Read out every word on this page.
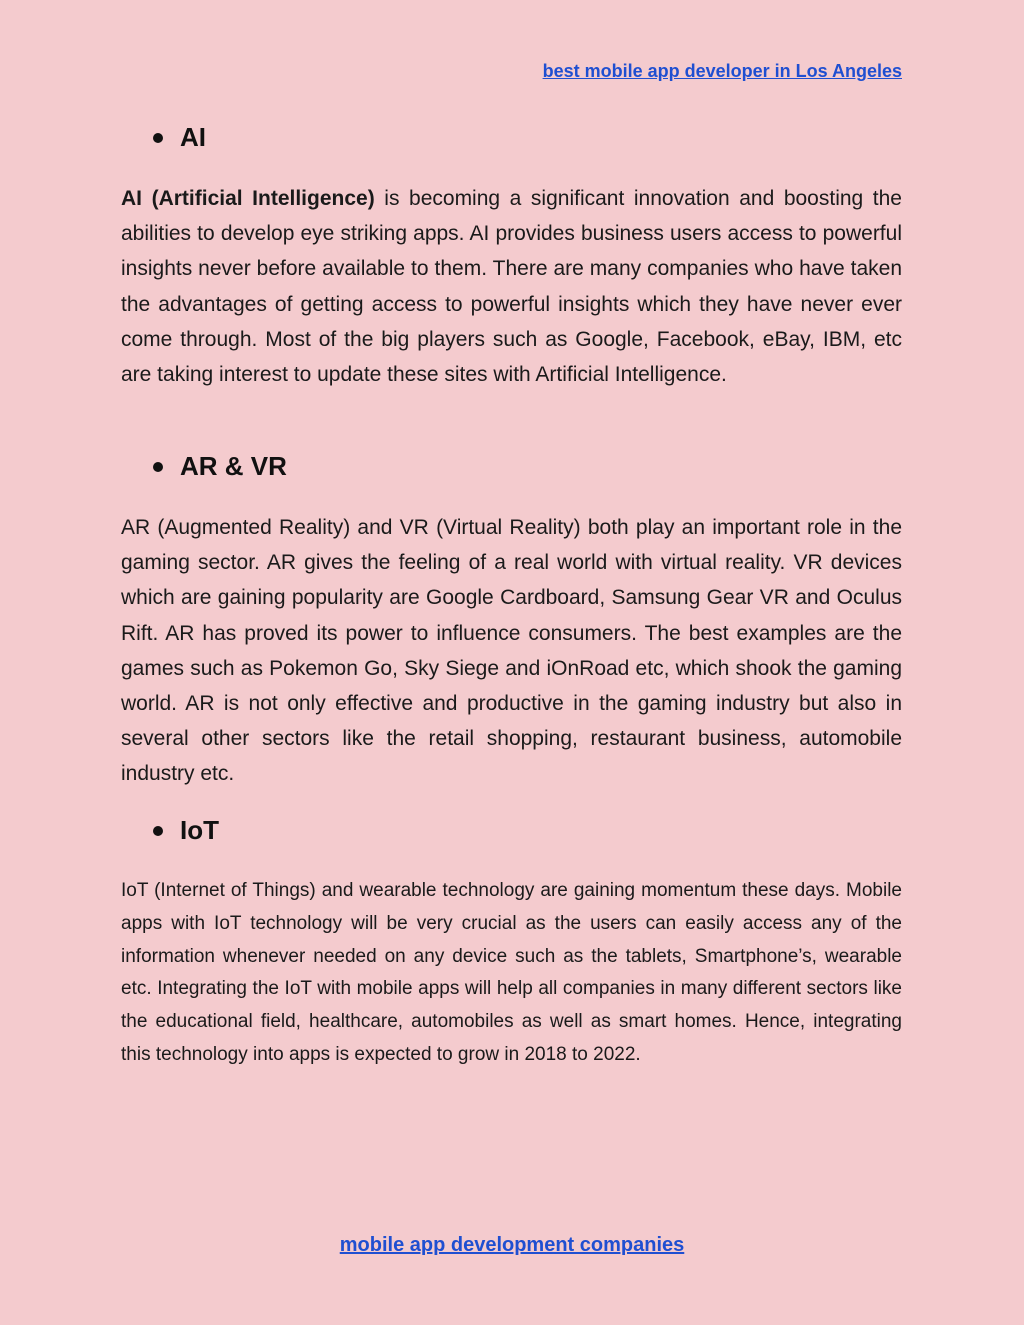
best mobile app developer in Los Angeles
AI

AI (Artificial Intelligence) is becoming a significant innovation and boosting the abilities to develop eye striking apps. AI provides business users access to powerful insights never before available to them. There are many companies who have taken the advantages of getting access to powerful insights which they have never ever come through. Most of the big players such as Google, Facebook, eBay, IBM, etc are taking interest to update these sites with Artificial Intelligence.

AR & VR

AR (Augmented Reality) and VR (Virtual Reality) both play an important role in the gaming sector. AR gives the feeling of a real world with virtual reality. VR devices which are gaining popularity are Google Cardboard, Samsung Gear VR and Oculus Rift. AR has proved its power to influence consumers. The best examples are the games such as Pokemon Go, Sky Siege and iOnRoad etc, which shook the gaming world. AR is not only effective and productive in the gaming industry but also in several other sectors like the retail shopping, restaurant business, automobile industry etc.

IoT

IoT (Internet of Things) and wearable technology are gaining momentum these days. Mobile apps with IoT technology will be very crucial as the users can easily access any of the information whenever needed on any device such as the tablets, Smartphone’s, wearable etc. Integrating the IoT with mobile apps will help all companies in many different sectors like the educational field, healthcare, automobiles as well as smart homes. Hence, integrating this technology into apps is expected to grow in 2018 to 2022.

mobile app development companies
